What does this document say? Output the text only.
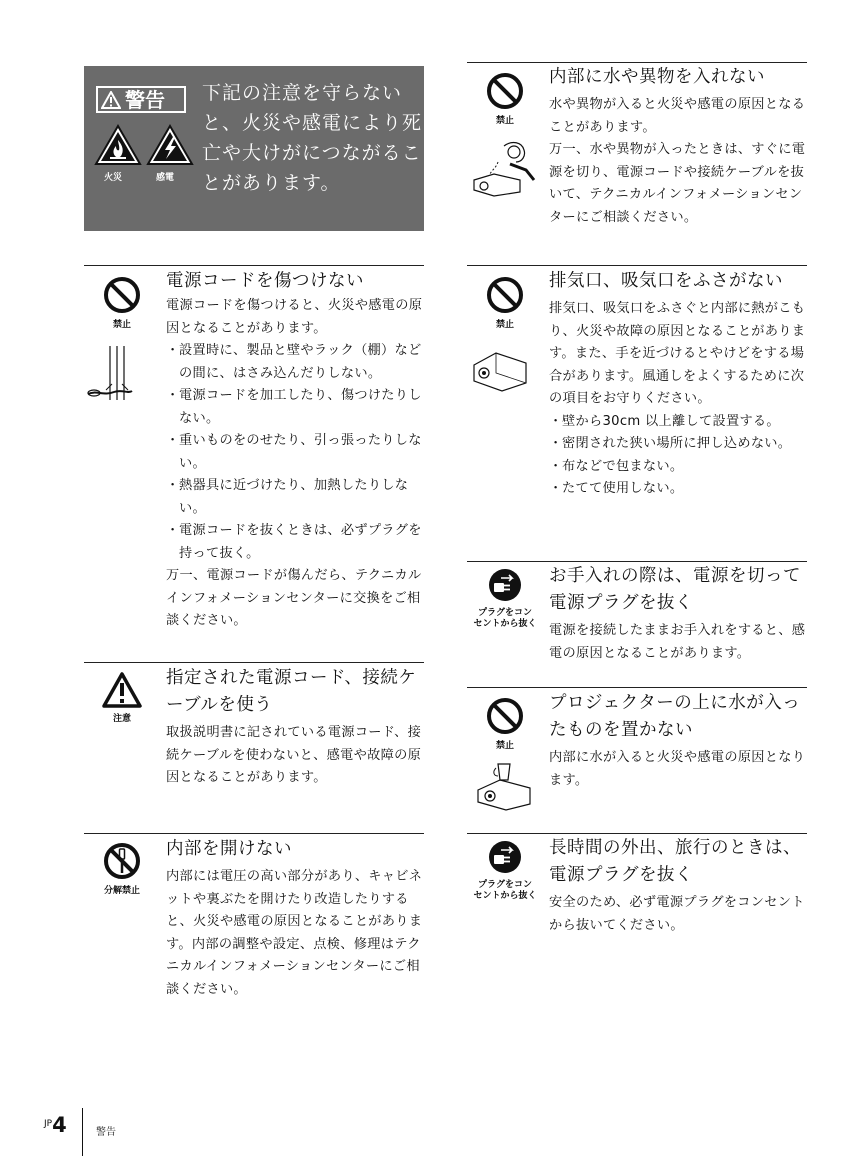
警告
火災	感電
下記の注意を守らないと、火災や感電により死亡や大けがにつながることがあります。
禁止
電源コードを傷つけない
電源コードを傷つけると、火災や感電の原因となることがあります。
・ 設置時に、製品と壁やラック（棚）などの間に、はさみ込んだりしない。
・ 電源コードを加工したり、傷つけたりしない。
・ 重いものをのせたり、引っ張ったりしない。
・ 熱器具に近づけたり、加熱したりしない。
・ 電源コードを抜くときは、必ずプラグを持って抜く。
万一、電源コードが傷んだら、テクニカルインフォメーションセンターに交換をご相談ください。
注意
指定された電源コード、接続ケーブルを使う
取扱説明書に記されている電源コード、接続ケーブルを使わないと、感電や故障の原因となることがあります。
分解禁止
内部を開けない
内部には電圧の高い部分があり、キャビネットや裏ぶたを開けたり改造したりすると、火災や感電の原因となることがあります。内部の調整や設定、点検、修理はテクニカルインフォメーションセンターにご相談ください。
禁止
内部に水や異物を入れない
水や異物が入ると火災や感電の原因となることがあります。
万一、水や異物が入ったときは、すぐに電源を切り、電源コードや接続ケーブルを抜いて、テクニカルインフォメーションセンターにご相談ください。
禁止
排気口、吸気口をふさがない
排気口、吸気口をふさぐと内部に熱がこもり、火災や故障の原因となることがあります。また、手を近づけるとやけどをする場合があります。風通しをよくするために次の項目をお守りください。
・ 壁から30cm 以上離して設置する。
・ 密閉された狭い場所に押し込めない。
・ 布などで包まない。
・ たてて使用しない。
プラグをコン
セントから抜く
お手入れの際は、電源を切って電源プラグを抜く
電源を接続したままお手入れをすると、感電の原因となることがあります。
禁止
プロジェクターの上に水が入ったものを置かない
内部に水が入ると火災や感電の原因となります。
プラグをコン
セントから抜く
長時間の外出、旅行のときは、電源プラグを抜く
安全のため、必ず電源プラグをコンセントから抜いてください。
$^{JP}$4	警告
